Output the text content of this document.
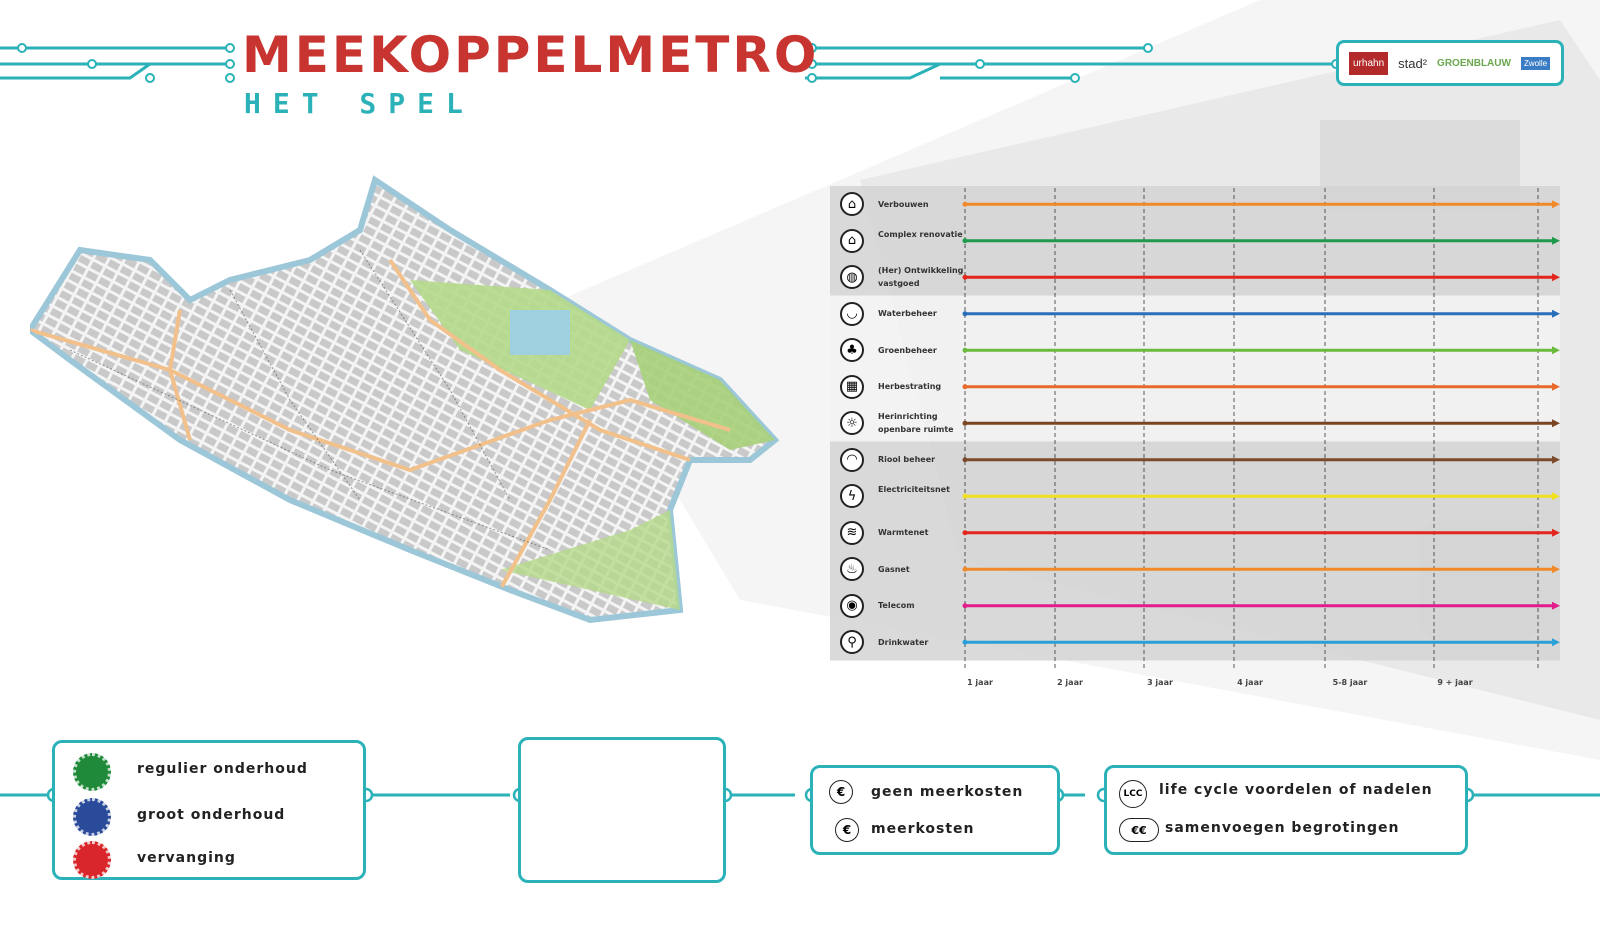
MEEKOPPELMETRO
HET SPEL
urhahn	stad² GROENBLAUW	Zwolle
⌂	Verbouwen
⌂	Complex renovatie
◍	(Her) Ontwikkeling vastgoed
◡	Waterbeheer
♣	Groenbeheer
▦	Herbestrating
☼	Herinrichting openbare ruimte
◠	Riool beheer
ϟ	Electriciteitsnet
≋	Warmtenet
♨	Gasnet
◉	Telecom
⚲	Drinkwater
1 jaar	2 jaar	3 jaar	4 jaar	5-8 jaar	9 + jaar
regulier onderhoud
groot onderhoud
vervanging
€	geen meerkosten
€	meerkosten
LCC	life cycle voordelen of nadelen
€€	samenvoegen begrotingen
